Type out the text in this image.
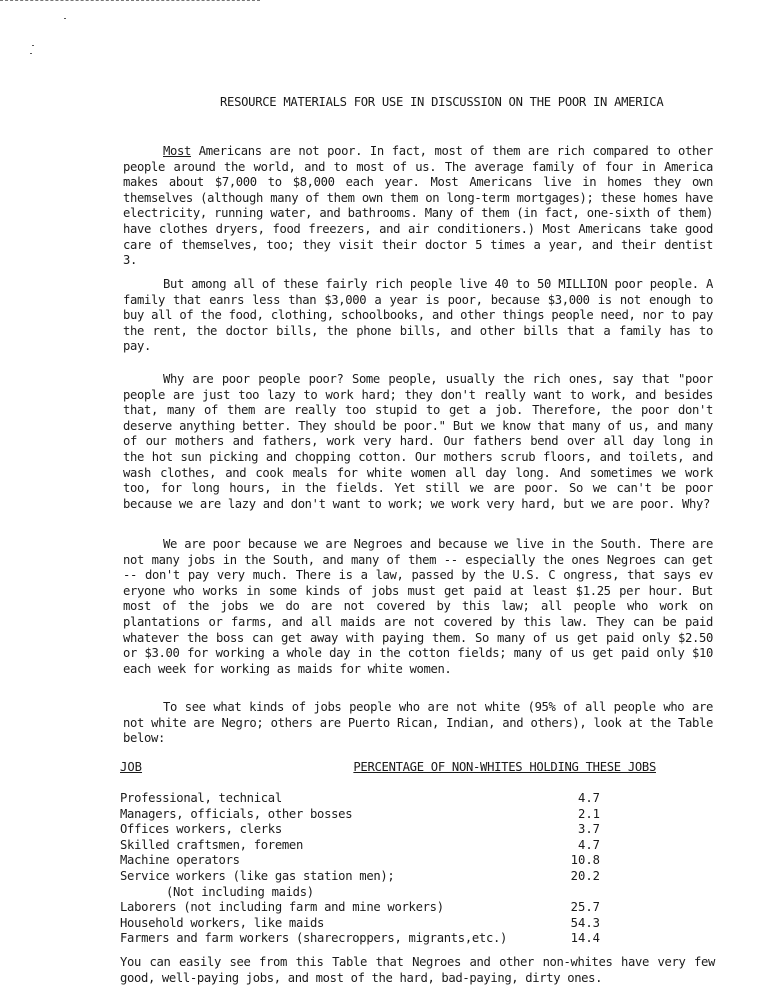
RESOURCE MATERIALS FOR USE IN DISCUSSION ON THE POOR IN AMERICA
Most Americans are not poor. In fact, most of them are rich compared to other people around the world, and to most of us. The average family of four in America makes about $7,000 to $8,000 each year. Most Americans live in homes they own themselves (although many of them own them on long-term mortgages); these homes have electricity, running water, and bathrooms. Many of them (in fact, one-sixth of them) have clothes dryers, food freezers, and air conditioners.) Most Americans take good care of themselves, too; they visit their doctor 5 times a year, and their dentist 3.
But among all of these fairly rich people live 40 to 50 MILLION poor people. A family that eanrs less than $3,000 a year is poor, because $3,000 is not enough to buy all of the food, clothing, schoolbooks, and other things people need, nor to pay the rent, the doctor bills, the phone bills, and other bills that a family has to pay.
Why are poor people poor? Some people, usually the rich ones, say that "poor people are just too lazy to work hard; they don't really want to work, and besides that, many of them are really too stupid to get a job. Therefore, the poor don't deserve anything better. They should be poor." But we know that many of us, and many of our mothers and fathers, work very hard. Our fathers bend over all day long in the hot sun picking and chopping cotton. Our mothers scrub floors, and toilets, and wash clothes, and cook meals for white women all day long. And sometimes we work too, for long hours, in the fields. Yet still we are poor. So we can't be poor because we are lazy and don't want to work; we work very hard, but we are poor. Why?
We are poor because we are Negroes and because we live in the South. There are not many jobs in the South, and many of them -- especially the ones Negroes can get -- don't pay very much. There is a law, passed by the U.S. C ongress, that says ev eryone who works in some kinds of jobs must get paid at least $1.25 per hour. But most of the jobs we do are not covered by this law; all people who work on plantations or farms, and all maids are not covered by this law. They can be paid whatever the boss can get away with paying them. So many of us get paid only $2.50 or $3.00 for working a whole day in the cotton fields; many of us get paid only $10 each week for working as maids for white women.
To see what kinds of jobs people who are not white (95% of all people who are not white are Negro; others are Puerto Rican, Indian, and others), look at the Table below:
JOB	PERCENTAGE OF NON-WHITES HOLDING THESE JOBS
Professional, technical	4.7
Managers, officials, other bosses	2.1
Offices workers, clerks	3.7
Skilled craftsmen, foremen	4.7
Machine operators	10.8
Service workers (like gas station men);	20.2
(Not including maids)
Laborers (not including farm and mine workers)	25.7
Household workers, like maids	54.3
Farmers and farm workers (sharecroppers, migrants,etc.)	14.4
You can easily see from this Table that Negroes and other non-whites have very few good, well-paying jobs, and most of the hard, bad-paying, dirty ones.
